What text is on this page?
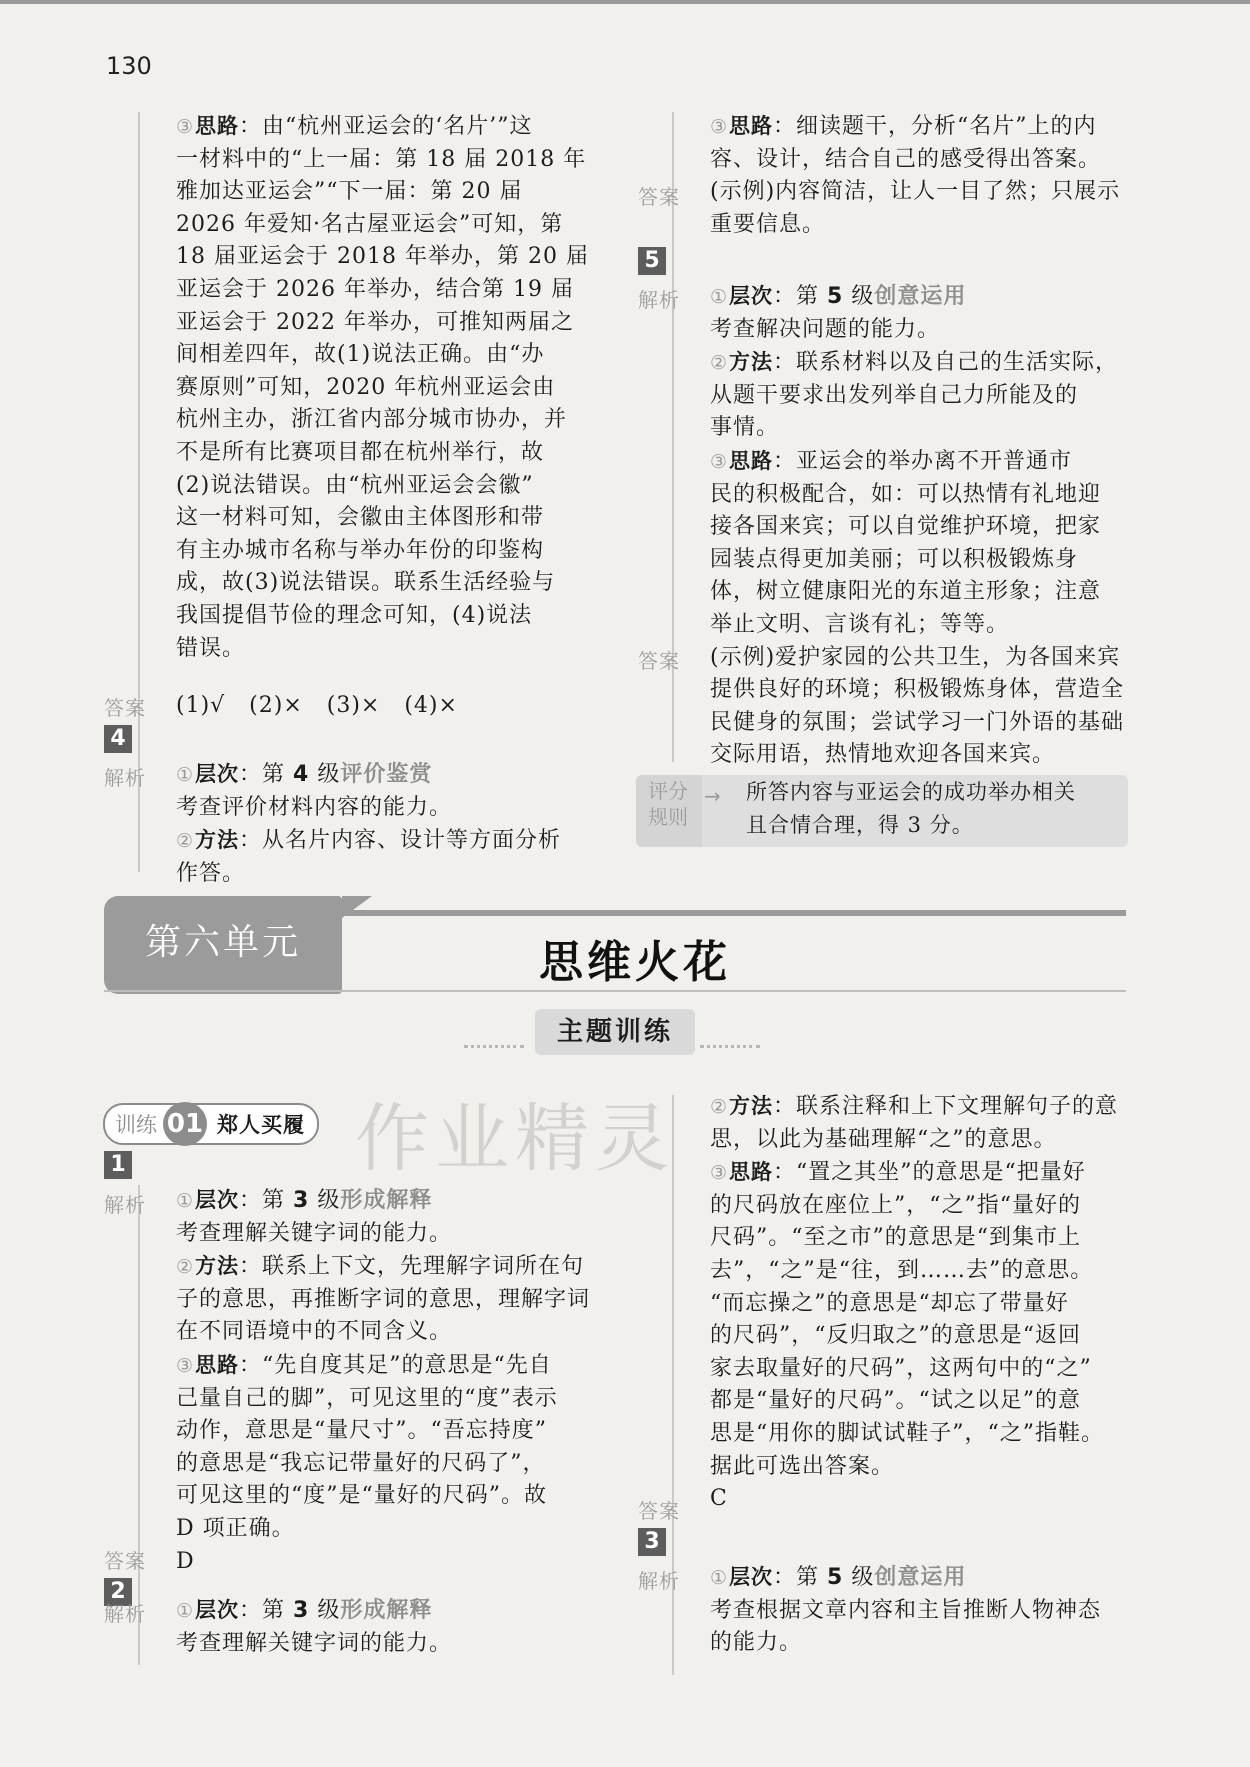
130

③思路：由“杭州亚运会的‘名片’”这

一材料中的“上一届：第 18 届 2018 年

雅加达亚运会”“下一届：第 20 届

2026 年爱知·名古屋亚运会”可知，第

18 届亚运会于 2018 年举办，第 20 届

亚运会于 2026 年举办，结合第 19 届

亚运会于 2022 年举办，可推知两届之

间相差四年，故(1)说法正确。由“办

赛原则”可知，2020 年杭州亚运会由

杭州主办，浙江省内部分城市协办，并

不是所有比赛项目都在杭州举行，故

(2)说法错误。由“杭州亚运会会徽”

这一材料可知，会徽由主体图形和带

有主办城市名称与举办年份的印鉴构

成，故(3)说法错误。联系生活经验与

我国提倡节俭的理念可知，(4)说法

错误。

答案 (1)√   (2)×   (3)×   (4)×
4
解析 ①层次：第 4 级评价鉴赏

考查评价材料内容的能力。

②方法：从名片内容、设计等方面分析

作答。

③思路：细读题干，分析“名片”上的内

容、设计，结合自己的感受得出答案。

(示例)内容简洁，让人一目了然；只展示

重要信息。

答案
5
解析 ①层次：第 5 级创意运用

考查解决问题的能力。

②方法：联系材料以及自己的生活实际，

从题干要求出发列举自己力所能及的

事情。

③思路：亚运会的举办离不开普通市

民的积极配合，如：可以热情有礼地迎

接各国来宾；可以自觉维护环境，把家

园装点得更加美丽；可以积极锻炼身

体，树立健康阳光的东道主形象；注意

举止文明、言谈有礼；等等。

(示例)爱护家园的公共卫生，为各国来宾

提供良好的环境；积极锻炼身体，营造全

民健身的氛围；尝试学习一门外语的基础

交际用语，热情地欢迎各国来宾。

答案
评分规则
→ 所答内容与亚运会的成功举办相关
且合情合理，得 3 分。
第六单元	思维火花
主题训练
作业精灵
训练 01 郑人买履
1
解析 ①层次：第 3 级形成解释

考查理解关键字词的能力。

②方法：联系上下文，先理解字词所在句

子的意思，再推断字词的意思，理解字词

在不同语境中的不同含义。

③思路：“先自度其足”的意思是“先自

己量自己的脚”，可见这里的“度”表示

动作，意思是“量尺寸”。“吾忘持度”

的意思是“我忘记带量好的尺码了”，

可见这里的“度”是“量好的尺码”。故

D 项正确。

D

答案
2
解析 ①层次：第 3 级形成解释

考查理解关键字词的能力。

②方法：联系注释和上下文理解句子的意

思，以此为基础理解“之”的意思。

③思路：“置之其坐”的意思是“把量好

的尺码放在座位上”，“之”指“量好的

尺码”。“至之市”的意思是“到集市上

去”，“之”是“往，到……去”的意思。

“而忘操之”的意思是“却忘了带量好

的尺码”，“反归取之”的意思是“返回

家去取量好的尺码”，这两句中的“之”

都是“量好的尺码”。“试之以足”的意

思是“用你的脚试试鞋子”，“之”指鞋。

据此可选出答案。

C

答案
3
解析 ①层次：第 5 级创意运用

考查根据文章内容和主旨推断人物神态

的能力。
